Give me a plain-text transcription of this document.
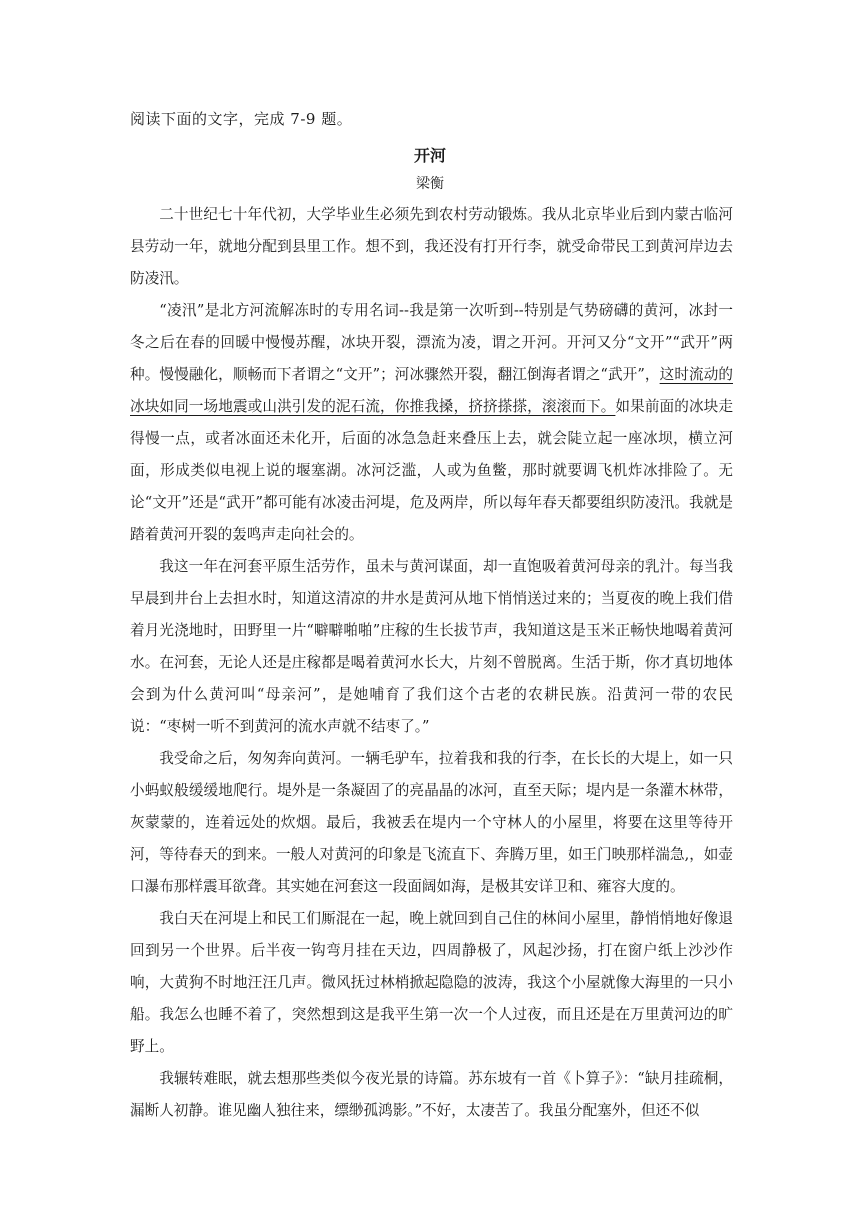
阅读下面的文字，完成 7-9 题。
开河
梁衡

二十世纪七十年代初，大学毕业生必须先到农村劳动锻炼。我从北京毕业后到内蒙古临河县劳动一年，就地分配到县里工作。想不到，我还没有打开行李，就受命带民工到黄河岸边去防凌汛。

“凌汛”是北方河流解冻时的专用名词--我是第一次听到--特别是气势磅礴的黄河，冰封一冬之后在春的回暖中慢慢苏醒，冰块开裂，漂流为凌，谓之开河。开河又分“文开”“武开”两种。慢慢融化，顺畅而下者谓之“文开”；河冰骤然开裂，翻江倒海者谓之“武开”，这时流动的冰块如同一场地震或山洪引发的泥石流，你推我搡，挤挤搽搽，滚滚而下。如果前面的冰块走得慢一点，或者冰面还未化开，后面的冰急急赶来叠压上去，就会陡立起一座冰坝，横立河面，形成类似电视上说的堰塞湖。冰河泛滥，人或为鱼鳖，那时就要调飞机炸冰排险了。无论“文开”还是“武开”都可能有冰凌击河堤，危及两岸，所以每年春天都要组织防凌汛。我就是踏着黄河开裂的轰鸣声走向社会的。

我这一年在河套平原生活劳作，虽未与黄河谋面，却一直饱吸着黄河母亲的乳汁。每当我早晨到井台上去担水时，知道这清凉的井水是黄河从地下悄悄送过来的；当夏夜的晚上我们借着月光浇地时，田野里一片“噼噼啪啪”庄稼的生长拔节声，我知道这是玉米正畅快地喝着黄河水。在河套，无论人还是庄稼都是喝着黄河水长大，片刻不曾脱离。生活于斯，你才真切地体会到为什么黄河叫“母亲河”，是她哺育了我们这个古老的农耕民族。沿黄河一带的农民说：“枣树一听不到黄河的流水声就不结枣了。”

我受命之后，匆匆奔向黄河。一辆毛驴车，拉着我和我的行李，在长长的大堤上，如一只小蚂蚁般缓缓地爬行。堤外是一条凝固了的亮晶晶的冰河，直至天际；堤内是一条灌木林带，灰蒙蒙的，连着远处的炊烟。最后，我被丢在堤内一个守林人的小屋里，将要在这里等待开河，等待春天的到来。一般人对黄河的印象是飞流直下、奔腾万里，如王门映那样湍急,，如壶口瀑布那样震耳欲聋。其实她在河套这一段面阔如海，是极其安详卫和、雍容大度的。

我白天在河堤上和民工们厮混在一起，晚上就回到自己住的林间小屋里，静悄悄地好像退回到另一个世界。后半夜一钩弯月挂在天边，四周静极了，风起沙扬，打在窗户纸上沙沙作响，大黄狗不时地汪汪几声。微风抚过林梢掀起隐隐的波涛，我这个小屋就像大海里的一只小船。我怎么也睡不着了，突然想到这是我平生第一次一个人过夜，而且还是在万里黄河边的旷野上。

我辗转难眠，就去想那些类似今夜光景的诗篇。苏东坡有一首《卜算子》：“缺月挂疏桐，漏断人初静。谁见幽人独往来，缥缈孤鸿影。”不好，太凄苦了。我虽分配塞外，但还不似
